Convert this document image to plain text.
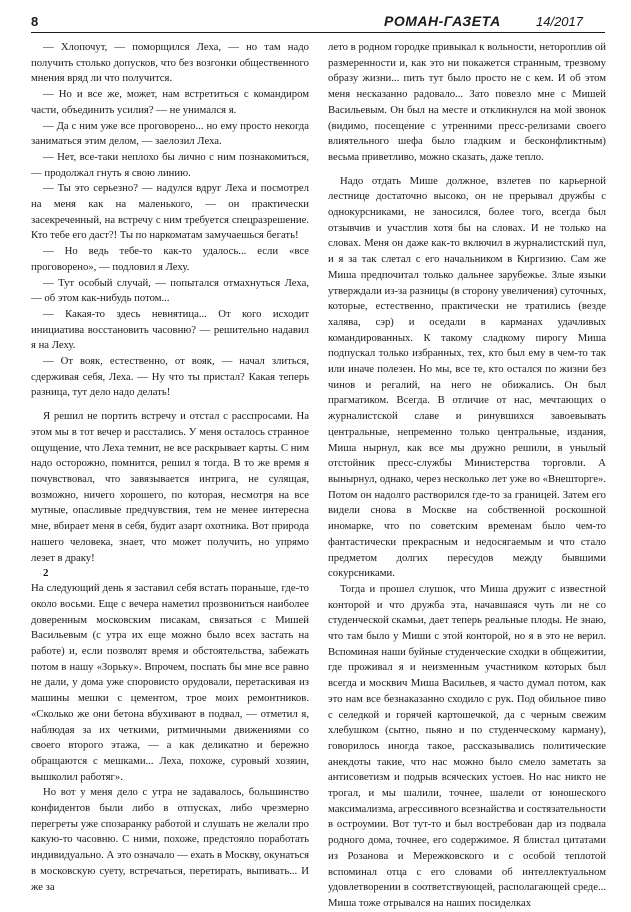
8	РОМАН-ГАЗЕТА	14/2017

— Хлопочут, — поморщился Леха, — но там надо получить столько допусков, что без возгонки общественного мнения вряд ли что получится.

— Но и все же, может, нам встретиться с командиром части, объединить усилия? — не унимался я.

— Да с ним уже все проговорено... но ему просто некогда заниматься этим делом, — заелозил Леха.

— Нет, все-таки неплохо бы лично с ним познакомиться, — продолжал гнуть я свою линию.

— Ты это серьезно? — надулся вдруг Леха и посмотрел на меня как на маленького, — он практически засекреченный, на встречу с ним требуется спецразрешение. Кто тебе его даст?! Ты по наркоматам замучаешься бегать!

— Но ведь тебе-то как-то удалось... если «все проговорено», — подловил я Леху.

— Тут особый случай, — попытался отмахнуться Леха, — об этом как-нибудь потом...

— Какая-то здесь невнятица... От кого исходит инициатива восстановить часовню? — решительно надавил я на Леху.

— От вояк, естественно, от вояк, — начал злиться, сдерживая себя, Леха. — Ну что ты пристал? Какая теперь разница, тут дело надо делать!

Я решил не портить встречу и отстал с расспросами. На этом мы в тот вечер и расстались. У меня осталось странное ощущение, что Леха темнит, не все раскрывает карты. С ним надо осторожно, помнится, решил я тогда. В то же время я почувствовал, что завязывается интрига, не сулящая, возможно, ничего хорошего, по которая, несмотря на все мутные, опасливые предчувствия, тем не менее интересна мне, вбирает меня в себя, будит азарт охотника. Вот природа нашего человека, знает, что может получить, но упрямо лезет в драку!

2

На следующий день я заставил себя встать пораньше, где-то около восьми. Еще с вечера наметил прозвониться наиболее доверенным московским писакам, связаться с Мишей Васильевым (с утра их еще можно было всех застать на работе) и, если позволят время и обстоятельства, забежать потом в нашу «Зорьку». Впрочем, поспать бы мне все равно не дали, у дома уже споровисто орудовали, перетаскивая из машины мешки с цементом, трое моих ремонтников. «Сколько же они бетона вбухивают в подвал, — отметил я, наблюдая за их четкими, ритмичными движениями со своего второго этажа, — а как деликатно и бережно обращаются с мешками... Леха, похоже, суровый хозяин, вышколил работяг».

Но вот у меня дело с утра не задавалось, большинство конфидентов были либо в отпусках, либо чрезмерно перегреты уже спозаранку работой и слушать не желали про какую-то часовню. С ними, похоже, предстояло поработать индивидуально. А это означало — ехать в Москву, окунаться в московскую суету, встречаться, перетирать, выпивать... И же за

лето в родном городке привыкал к вольности, нетороплив ой размеренности и, как это ни покажется странным, трезвому образу жизни... пить тут было просто не с кем. И об этом меня несказанно радовало... Зато повезло мне с Мишей Васильевым. Он был на месте и откликнулся на мой звонок (видимо, посещение с утренними пресс-релизами своего влиятельного шефа было гладким и бесконфликтным) весьма приветливо, можно сказать, даже тепло.

Надо отдать Мише должное, взлетев по карьерной лестнице достаточно высоко, он не прерывал дружбы с однокурсниками, не заносился, более того, всегда был отзывчив и участлив хотя бы на словах. И не только на словах. Меня он даже как-то включил в журналистский пул, и я за так слетал с его начальником в Киргизию. Сам же Миша предпочитал только дальнее зарубежье. Злые языки утверждали из-за разницы (в сторону увеличения) суточных, которые, естественно, практически не тратились (везде халява, сэр) и оседали в карманах удачливых командированных. К такому сладкому пирогу Миша подпускал только избранных, тех, кто был ему в чем-то так или иначе полезен. Но мы, все те, кто остался по жизни без чинов и регалий, на него не обижались. Он был прагматиком. Всегда. В отличие от нас, мечтающих о журналистской славе и ринувшихся завоевывать центральные, непременно только центральные, издания, Миша нырнул, как все мы дружно решили, в унылый отстойник пресс-службы Министерства торговли. А вынырнул, однако, через несколько лет уже во «Внешторге». Потом он надолго растворился где-то за границей. Затем его видели снова в Москве на собственной роскошной иномарке, что по советским временам было чем-то фантастически прекрасным и недосягаемым и что стало предметом долгих пересудов между бывшими сокурсниками.

Тогда и прошел слушок, что Миша дружит с известной конторой и что дружба эта, начавшаяся чуть ли не со студенческой скамьи, дает теперь реальные плоды. Не знаю, что там было у Миши с этой конторой, но я в это не верил. Вспоминая наши буйные студенческие сходки в общежитии, где проживал я и неизменным участником которых был всегда и москвич Миша Васильев, я часто думал потом, как это нам все безнаказанно сходило с рук. Под обильное пиво с селедкой и горячей картошечкой, да с черным свежим хлебушком (сытно, пьяно и по студенческому карману), говорилось иногда такое, рассказывались политические анекдоты такие, что нас можно было смело заметать за антисоветизм и подрыв всяческих устоев. Но нас никто не трогал, и мы шалили, точнее, шалели от юношеского максимализма, агрессивного всезнайства и состязательности в остроумии. Вот тут-то и был востребован дар из подвала родного дома, точнее, его содержимое. Я блистал цитатами из Розанова и Мережковского и с особой теплотой вспоминал отца с его словами об интеллектуальном удовлетворении в соответствующей, располагающей среде... Миша тоже отрывался на наших посиделках
